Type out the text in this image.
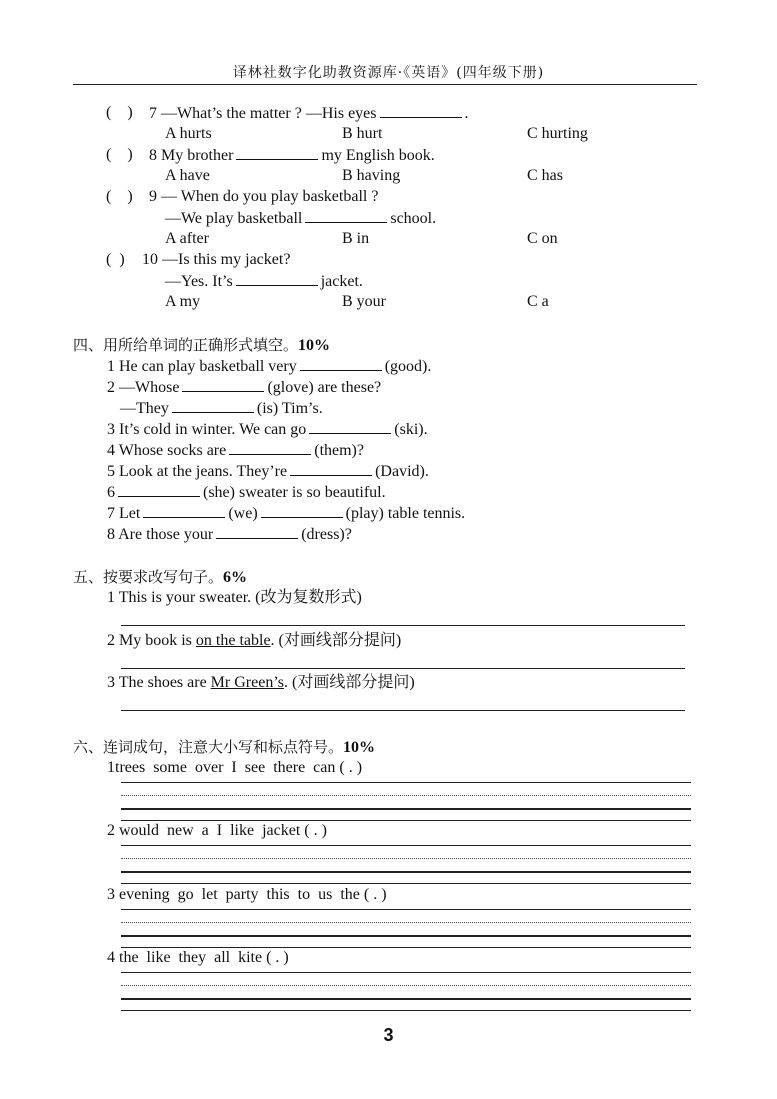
译林社数字化助教资源库·《英语》(四年级下册)
( ) 7 —What’s the matter ? —His eyes	.
A hurts	B hurt	C hurting
( ) 8 My brother	my English book.
A have	B having	C has
( ) 9 — When do you play basketball ?
—We play basketball	school.
A after	B in	C on
( ) 10 —Is this my jacket?
—Yes. It’s	jacket.
A my	B your	C a
四、用所给单词的正确形式填空。10%
1 He can play basketball very	(good).
2 —Whose	(glove) are these?
—They	(is) Tim’s.
3 It’s cold in winter. We can go	(ski).
4 Whose socks are	(them)?
5 Look at the jeans. They’re	(David).
6	(she) sweater is so beautiful.
7 Let	(we)	(play) table tennis.
8 Are those your	(dress)?
五、按要求改写句子。6%
1 This is your sweater. (改为复数形式)
2 My book is on the table. (对画线部分提问)
3 The shoes are Mr Green’s. (对画线部分提问)
六、连词成句，注意大小写和标点符号。10%
1trees some over I see there can ( . )
2 would new a I like jacket ( . )
3 evening go let party this to us the ( . )
4 the like they all kite ( . )
3
